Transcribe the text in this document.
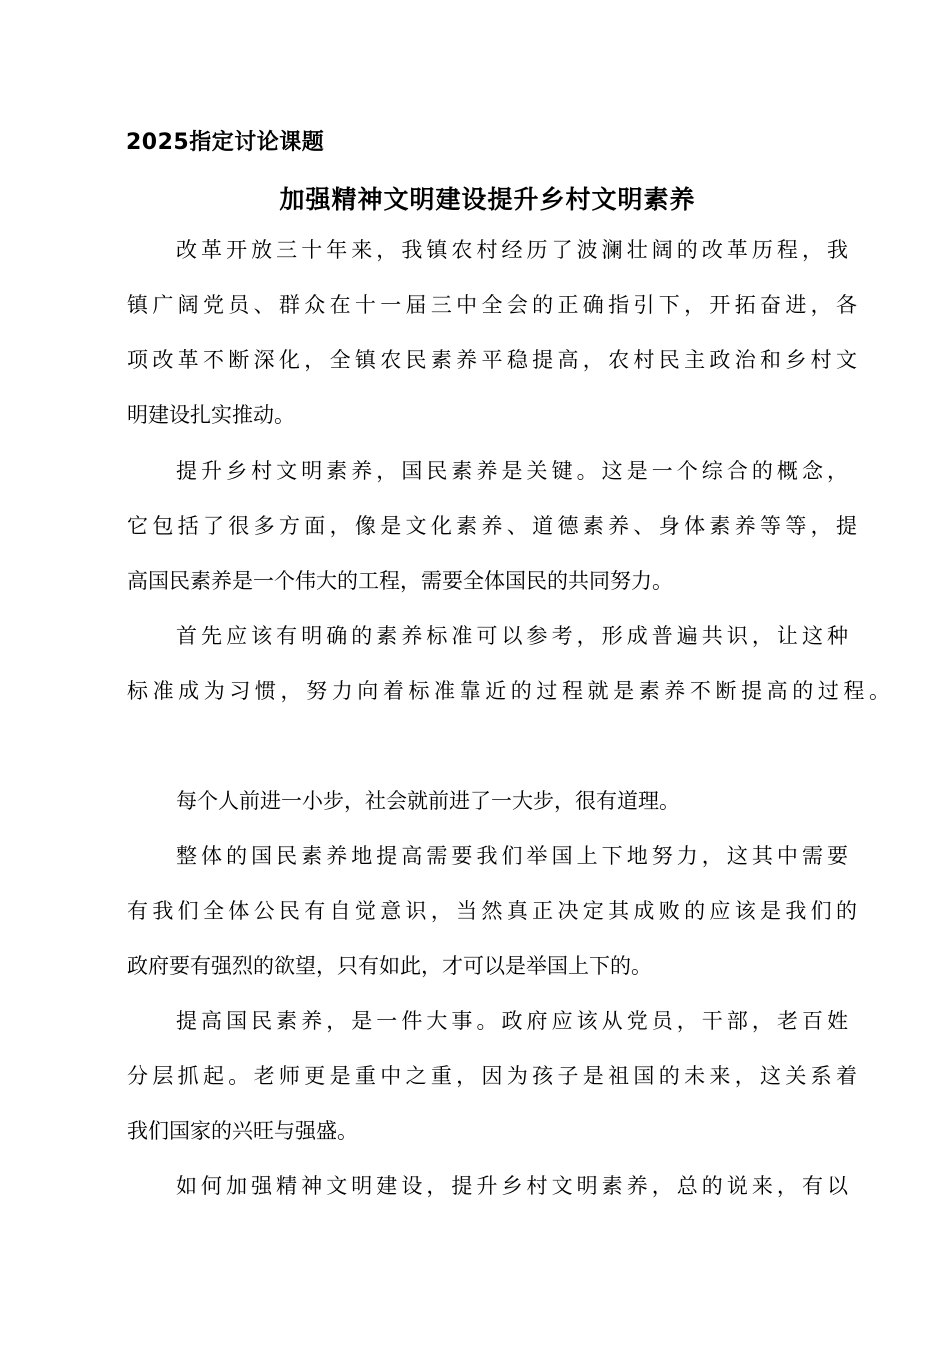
2025指定讨论课题
加强精神文明建设提升乡村文明素养
改革开放三十年来，我镇农村经历了波澜壮阔的改革历程，我
镇广阔党员、群众在十一届三中全会的正确指引下，开拓奋进，各
项改革不断深化，全镇农民素养平稳提高，农村民主政治和乡村文
明建设扎实推动。
提升乡村文明素养，国民素养是关键。这是一个综合的概念，
它包括了很多方面，像是文化素养、道德素养、身体素养等等，提
高国民素养是一个伟大的工程，需要全体国民的共同努力。
首先应该有明确的素养标准可以参考，形成普遍共识，让这种
标准成为习惯，努力向着标准靠近的过程就是素养不断提高的过程。
每个人前进一小步，社会就前进了一大步，很有道理。
整体的国民素养地提高需要我们举国上下地努力，这其中需要
有我们全体公民有自觉意识，当然真正决定其成败的应该是我们的
政府要有强烈的欲望，只有如此，才可以是举国上下的。
提高国民素养，是一件大事。政府应该从党员，干部，老百姓
分层抓起。老师更是重中之重，因为孩子是祖国的未来，这关系着
我们国家的兴旺与强盛。
如何加强精神文明建设，提升乡村文明素养，总的说来，有以
